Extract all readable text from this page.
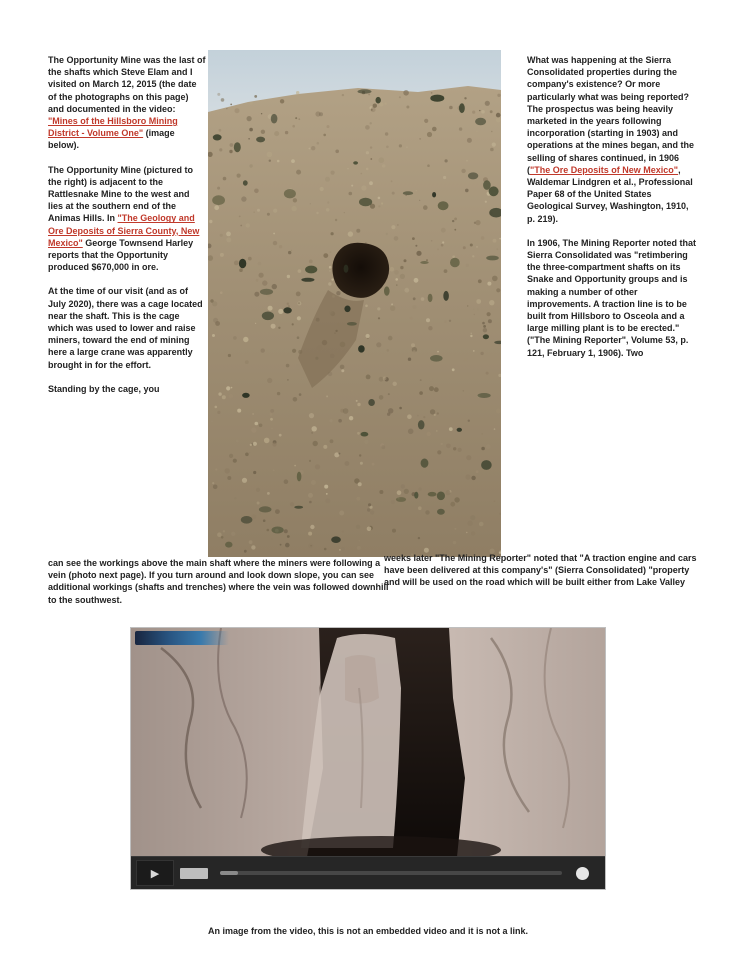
The Opportunity Mine was the last of the shafts which Steve Elam and I visited on March 12, 2015 (the date of the photographs on this page) and documented in the video: "Mines of the Hillsboro Mining District - Volume One" (image below).

The Opportunity Mine (pictured to the right) is adjacent to the Rattlesnake Mine to the west and lies at the southern end of the Animas Hills. In "The Geology and Ore Deposits of Sierra County, New Mexico" George Townsend Harley reports that the Opportunity produced $670,000 in ore.

At the time of our visit (and as of July 2020), there was a cage located near the shaft. This is the cage which was used to lower and raise miners, toward the end of mining here a large crane was apparently brought in for the effort.

Standing by the cage, you

What was happening at the Sierra Consolidated properties during the company's existence? Or more particularly what was being reported? The prospectus was being heavily marketed in the years following incorporation (starting in 1903) and operations at the mines began, and the selling of shares continued, in 1906 ("The Ore Deposits of New Mexico", Waldemar Lindgren et al., Professional Paper 68 of the United States Geological Survey, Washington, 1910, p. 219).

In 1906, The Mining Reporter noted that Sierra Consolidated was "retimbering the three-compartment shafts on its Snake and Opportunity groups and is making a number of other improvements. A traction line is to be built from Hillsboro to Osceola and a large milling plant is to be erected." ("The Mining Reporter", Volume 53, p. 121, February 1, 1906). Two

can see the workings above the main shaft where the miners were following a vein (photo next page). If you turn around and look down slope, you can see additional workings (shafts and trenches) where the vein was followed downhill to the southwest.

weeks later "The Mining Reporter" noted that "A traction engine and cars have been delivered at this company's" (Sierra Consolidated) "property and will be used on the road which will be built either from Lake Valley

▶
An image from the video, this is not an embedded video and it is not a link.
